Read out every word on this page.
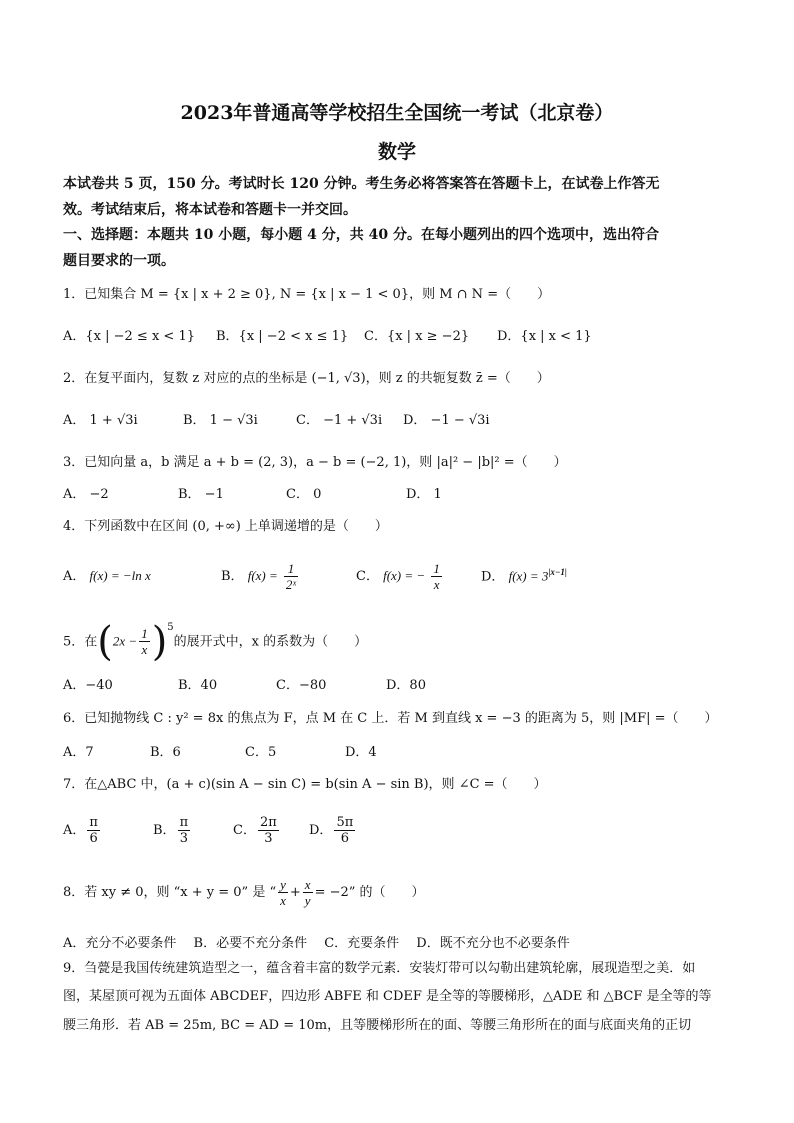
2023年普通高等学校招生全国统一考试（北京卷）
数学
本试卷共 5 页，150 分。考试时长 120 分钟。考生务必将答案答在答题卡上，在试卷上作答无
效。考试结束后，将本试卷和答题卡一并交回。
一、选择题：本题共 10 小题，每小题 4 分，共 40 分。在每小题列出的四个选项中，选出符合
题目要求的一项。
1．已知集合 M = {x | x + 2 ≥ 0}, N = {x | x − 1 < 0}，则 M ∩ N =（　　）
A．{x | −2 ≤ x < 1} B．{x | −2 < x ≤ 1} C．{x | x ≥ −2} D．{x | x < 1}
2．在复平面内，复数 z 对应的点的坐标是 (−1, √3)，则 z 的共轭复数 z̄ =（　　）
A． 1 + √3i	B． 1 − √3i	C． −1 + √3i D． −1 − √3i
3．已知向量 a，b 满足 a + b = (2, 3)，a − b = (−2, 1)，则 |a|² − |b|² =（　　）
A． −2	B． −1	C． 0	D． 1
4．下列函数中在区间 (0, +∞) 上单调递增的是（　　）
A． f(x) = −ln x	B． $f(x) = \frac{1}{\text{2ˣ}}$	C． f(x) = − $\frac{1}{x}$	D． $f(x) = 3^{|x-1|}$
5．在$(2x - \frac{1}{x} )^5$的展开式中，x 的系数为（　　）
A．−40	B．40	C．−80	D．80
6．已知抛物线 C : y² = 8x 的焦点为 F，点 M 在 C 上．若 M 到直线 x = −3 的距离为 5，则 |MF| =（　　）
A．7	B．6	C．5	D．4
7．在△ABC 中，(a + c)(sin A − sin C) = b(sin A − sin B)，则 ∠C =（　　）
A． $\frac{\pi}{6}$	B． $\frac{\pi}{3}$	C． $\frac{2\pi}{3}$ D． $\frac{5\pi}{6}$
8．若 xy ≠ 0，则 “x + y = 0” 是 “ $\frac{y}{x} + \frac{x}{y} = -2$” 的（　　）
A．充分不必要条件　 B．必要不充分条件　 C．充要条件　 D．既不充分也不必要条件
9．刍甍是我国传统建筑造型之一，蕴含着丰富的数学元素．安装灯带可以勾勒出建筑轮廓，展现造型之美．如
图，某屋顶可视为五面体 ABCDEF，四边形 ABFE 和 CDEF 是全等的等腰梯形，△ADE 和 △BCF 是全等的等
腰三角形．若 AB = 25m, BC = AD = 10m，且等腰梯形所在的面、等腰三角形所在的面与底面夹角的正切
